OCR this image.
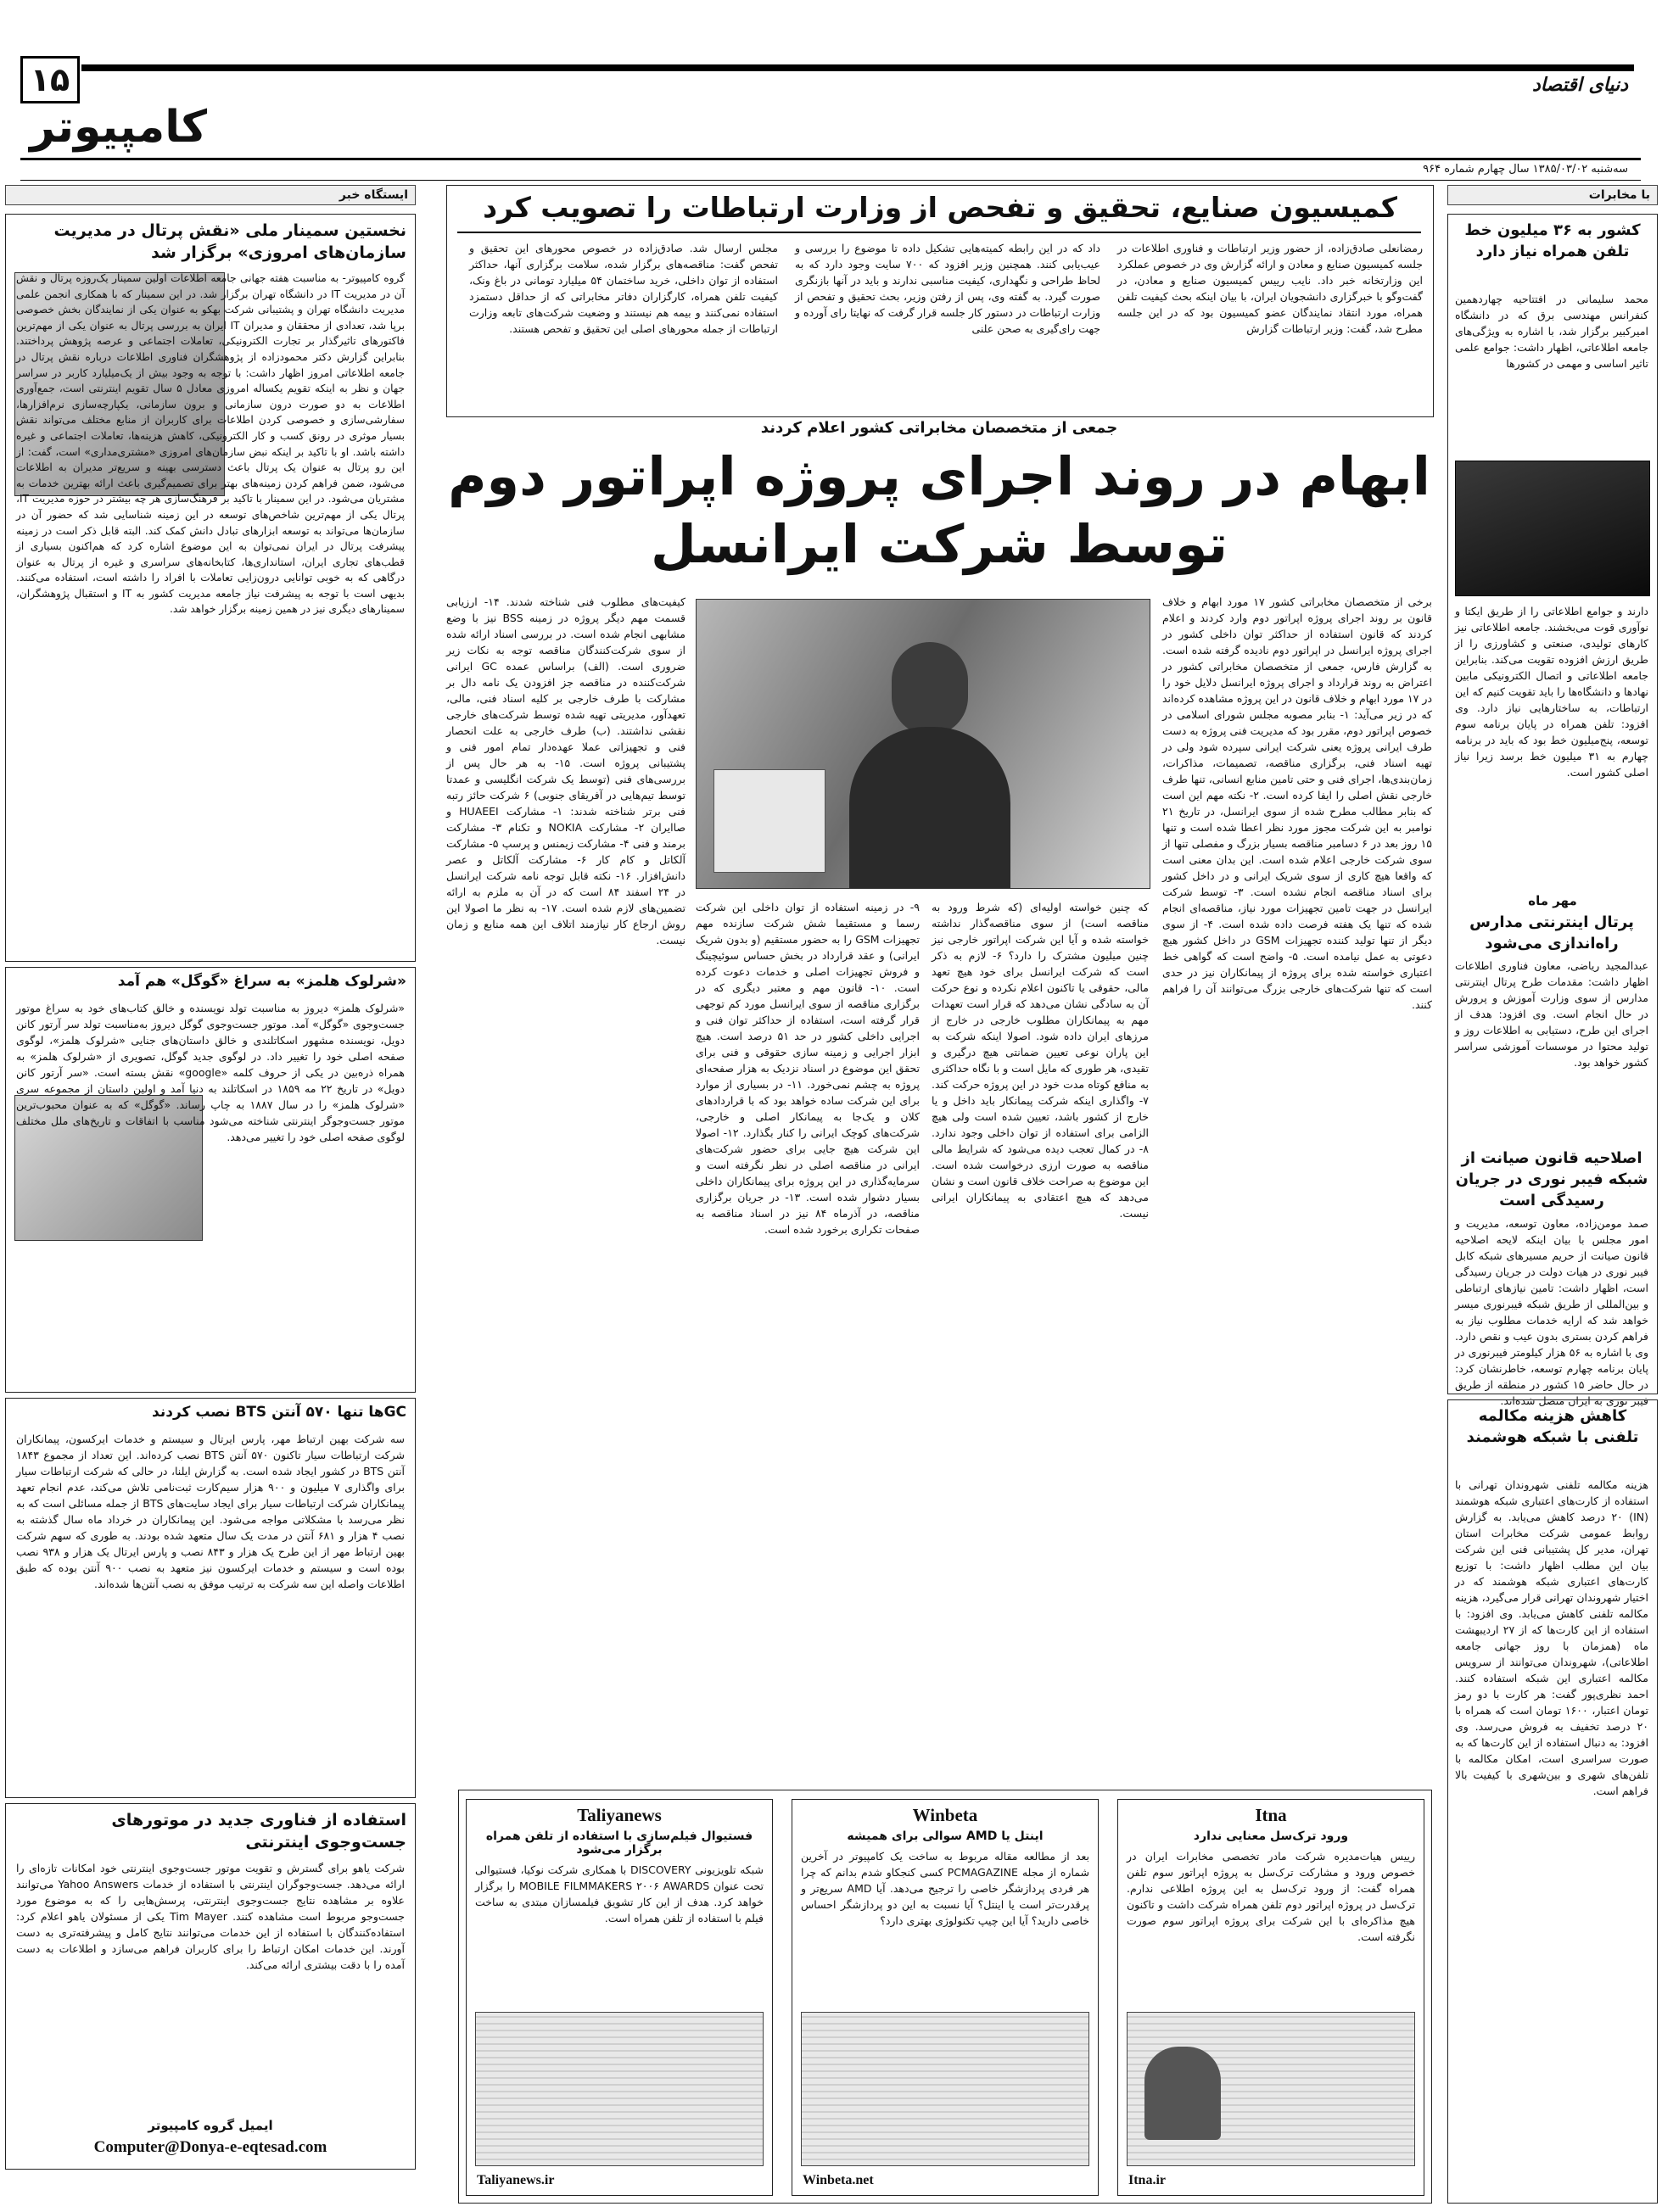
۱۵	دنیای اقتصاد
کامپیوتر
سه‌شنبه ۱۳۸۵/۰۳/۰۲ سال چهارم شماره ۹۶۴
ایستگاه خبر
نخستین سمینار ملی «نقش پرتال در مدیریت سازمان‌های امروزی» برگزار شد
گروه کامپیوتر- به مناسبت هفته جهانی جامعه اطلاعات اولین سمینار یک‌روزه پرتال و نقش آن در مدیریت IT در دانشگاه تهران برگزار شد. در این سمینار که با همکاری انجمن علمی مدیریت دانشگاه تهران و پشتیبانی شرکت بهکو به عنوان یکی از نمایندگان بخش خصوصی برپا شد، تعدادی از محققان و مدیران IT ایران به بررسی پرتال به عنوان یکی از مهم‌ترین فاکتورهای تاثیرگذار بر تجارت الکترونیکی، تعاملات اجتماعی و عرصه پژوهش پرداختند. بنابراین گزارش دکتر محمودزاده از پژوهشگران فناوری اطلاعات درباره نقش پرتال در جامعه اطلاعاتی امروز اظهار داشت: با توجه به وجود بیش از یک‌میلیارد کاربر در سراسر جهان و نظر به اینکه تقویم یکساله امروزی معادل ۵ سال تقویم اینترنتی است، جمع‌آوری اطلاعات به دو صورت درون سازمانی و برون سازمانی، یکپارچه‌سازی نرم‌افزارها، سفارشی‌سازی و خصوصی کردن اطلاعات برای کاربران از منابع مختلف می‌تواند نقش بسیار موثری در رونق کسب و کار الکترونیکی، کاهش هزینه‌ها، تعاملات اجتماعی و غیره داشته باشد. او با تاکید بر اینکه نبض سازمان‌های امروزی «مشتری‌مداری» است، گفت: از این رو پرتال به عنوان یک پرتال باعث دسترسی بهینه و سریع‌تر مدیران به اطلاعات می‌شود، ضمن فراهم کردن زمینه‌های بهتر برای تصمیم‌گیری باعث ارائه بهترین خدمات به مشتریان می‌شود. در این سمینار با تاکید بر فرهنگ‌سازی هر چه بیشتر در حوزه مدیریت IT، پرتال یکی از مهم‌ترین شاخص‌های توسعه در این زمینه شناسایی شد که حضور آن در سازمان‌ها می‌تواند به توسعه ابزارهای تبادل دانش کمک کند. البته قابل ذکر است در زمینه پیشرفت پرتال در ایران نمی‌توان به این موضوع اشاره کرد که هم‌اکنون بسیاری از قطب‌های تجاری ایران، استانداری‌ها، کتابخانه‌های سراسری و غیره از پرتال به عنوان درگاهی که به خوبی توانایی درون‌زایی تعاملات با افراد را داشته است، استفاده می‌کنند. بدیهی است با توجه به پیشرفت نیاز جامعه مدیریت کشور به IT و استقبال پژوهشگران، سمینارهای دیگری نیز در همین زمینه برگزار خواهد شد.
«شرلوک هلمز» به سراغ «گوگل» هم آمد
«شرلوک هلمز» دیروز به مناسبت تولد نویسنده و خالق کتاب‌های خود به سراغ موتور جست‌وجوی «گوگل» آمد. موتور جست‌وجوی گوگل دیروز به‌مناسبت تولد سر آرتور کانن دویل، نویسنده مشهور اسکاتلندی و خالق داستان‌های جنایی «شرلوک هلمز»، لوگوی صفحه اصلی خود را تغییر داد. در لوگوی جدید گوگل، تصویری از «شرلوک هلمز» به همراه ذره‌بین در یکی از حروف کلمه «google» نقش بسته است. «سر آرتور کانن دویل» در تاریخ ۲۲ مه ۱۸۵۹ در اسکاتلند به دنیا آمد و اولین داستان از مجموعه سری «شرلوک هلمز» را در سال ۱۸۸۷ به چاپ رساند. «گوگل» که به عنوان محبوب‌ترین موتور جست‌وجوگر اینترنتی شناخته می‌شود مناسب با اتفاقات و تاریخ‌های ملل مختلف لوگوی صفحه اصلی خود را تغییر می‌دهد.
GCها تنها ۵۷۰ آنتن BTS نصب کردند
سه شرکت بهین ارتباط مهر، پارس ایرتال و سیستم و خدمات ایرکسون، پیمانکاران شرکت ارتباطات سیار تاکنون ۵۷۰ آنتن BTS نصب کرده‌اند. این تعداد از مجموع ۱۸۴۳ آنتن BTS در کشور ایجاد شده است. به گزارش ایلنا، در حالی که شرکت ارتباطات سیار برای واگذاری ۷ میلیون و ۹۰۰ هزار سیم‌کارت ثبت‌نامی تلاش می‌کند، عدم انجام تعهد پیمانکاران شرکت ارتباطات سیار برای ایجاد سایت‌های BTS از جمله مسائلی است که به نظر می‌رسد با مشکلاتی مواجه می‌شود. این پیمانکاران در خرداد ماه سال گذشته به نصب ۴ هزار و ۶۸۱ آنتن در مدت یک سال متعهد شده بودند. به طوری که سهم شرکت بهین ارتباط مهر از این طرح یک هزار و ۸۴۳ نصب و پارس ایرتال یک هزار و ۹۳۸ نصب بوده است و سیستم و خدمات ایرکسون نیز متعهد به نصب ۹۰۰ آنتن بوده که طبق اطلاعات واصله این سه شرکت به ترتیب موفق به نصب آنتن‌ها شده‌اند.
استفاده از فناوری جدید در موتورهای جست‌وجوی اینترنتی
شرکت یاهو برای گسترش و تقویت موتور جست‌وجوی اینترنتی خود امکانات تازه‌ای را ارائه می‌دهد. جست‌وجوگران اینترنتی با استفاده از خدمات Yahoo Answers می‌توانند علاوه بر مشاهده نتایج جست‌وجوی اینترنتی، پرسش‌هایی را که به موضوع مورد جست‌وجو مربوط است مشاهده کنند. Tim Mayer یکی از مسئولان یاهو اعلام کرد: استفاده‌کنندگان با استفاده از این خدمات می‌توانند نتایج کامل و پیشرفته‌تری به دست آورند. این خدمات امکان ارتباط را برای کاربران فراهم می‌سازد و اطلاعات به دست آمده را با دقت بیشتری ارائه می‌کند.
ایمیل گروه کامپیوتر
Computer@Donya-e-eqtesad.com
با مخابرات
کشور به ۳۶ میلیون خط تلفن همراه نیاز دارد
محمد سلیمانی در افتتاحیه چهاردهمین کنفرانس مهندسی برق که در دانشگاه امیرکبیر برگزار شد، با اشاره به ویژگی‌های جامعه اطلاعاتی، اظهار داشت: جوامع علمی تاثیر اساسی و مهمی در کشورها
دارند و جوامع اطلاعاتی را از طریق ایکتا و نوآوری قوت می‌بخشند. جامعه اطلاعاتی نیز کارهای تولیدی، صنعتی و کشاورزی را از طریق ارزش افزوده تقویت می‌کند. بنابراین جامعه اطلاعاتی و اتصال الکترونیکی مابین نهادها و دانشگاه‌ها را باید تقویت کنیم که این ارتباطات، به ساختارهایی نیاز دارد. وی افزود: تلفن همراه در پایان برنامه سوم توسعه، پنج‌میلیون خط بود که باید در برنامه چهارم به ۳۱ میلیون خط برسد زیرا نیاز اصلی کشور است.
مهر ماه
پرتال اینترنتی مدارس راه‌اندازی می‌شود
عبدالمجید ریاضی، معاون فناوری اطلاعات اظهار داشت: مقدمات طرح پرتال اینترنتی مدارس از سوی وزارت آموزش و پرورش در حال انجام است. وی افزود: هدف از اجرای این طرح، دستیابی به اطلاعات روز و تولید محتوا در موسسات آموزشی سراسر کشور خواهد بود.
اصلاحیه قانون صیانت از شبکه فیبر نوری در جریان رسیدگی است
صمد مومن‌زاده، معاون توسعه، مدیریت و امور مجلس با بیان اینکه لایحه اصلاحیه قانون صیانت از حریم مسیرهای شبکه کابل فیبر نوری در هیات دولت در جریان رسیدگی است، اظهار داشت: تامین نیازهای ارتباطی و بین‌المللی از طریق شبکه فیبرنوری میسر خواهد شد که ارایه خدمات مطلوب نیاز به فراهم کردن بستری بدون عیب و نقص دارد. وی با اشاره به ۵۶ هزار کیلومتر فیبرنوری در پایان برنامه چهارم توسعه، خاطرنشان کرد: در حال حاضر ۱۵ کشور در منطقه از طریق فیبر نوری به ایران متصل شده‌اند.
کاهش هزینه مکالمه تلفنی با شبکه هوشمند
هزینه مکالمه تلفنی شهروندان تهرانی با استفاده از کارت‌های اعتباری شبکه هوشمند (IN) ۲۰ درصد کاهش می‌یابد. به گزارش روابط عمومی شرکت مخابرات استان تهران، مدیر کل پشتیبانی فنی این شرکت بیان این مطلب اظهار داشت: با توزیع کارت‌های اعتباری شبکه هوشمند که در اختیار شهروندان تهرانی قرار می‌گیرد، هزینه مکالمه تلفنی کاهش می‌یابد. وی افزود: با استفاده از این کارت‌ها که از ۲۷ اردیبهشت ماه (همزمان با روز جهانی جامعه اطلاعاتی)، شهروندان می‌توانند از سرویس مکالمه اعتباری این شبکه استفاده کنند. احمد نظری‌پور گفت: هر کارت با دو رمز تومان اعتبار، ۱۶۰۰ تومان است که همراه با ۲۰ درصد تخفیف به فروش می‌رسد. وی افزود: به دنبال استفاده از این کارت‌ها که به صورت سراسری است، امکان مکالمه با تلفن‌های شهری و بین‌شهری با کیفیت بالا فراهم است.
کمیسیون صنایع، تحقیق و تفحص از وزارت ارتباطات را تصویب کرد
رمضانعلی صادق‌زاده، از حضور وزیر ارتباطات و فناوری اطلاعات در جلسه کمیسیون صنایع و معادن و ارائه گزارش وی در خصوص عملکرد این وزارتخانه خبر داد. نایب رییس کمیسیون صنایع و معادن، در گفت‌وگو با خبرگزاری دانشجویان ایران، با بیان اینکه بحث کیفیت تلفن همراه، مورد انتقاد نمایندگان عضو کمیسیون بود که در این جلسه مطرح شد، گفت: وزیر ارتباطات گزارش
داد که در این رابطه کمیته‌هایی تشکیل داده تا موضوع را بررسی و عیب‌یابی کنند. همچنین وزیر افزود که ۷۰۰ سایت وجود دارد که به لحاظ طراحی و نگهداری، کیفیت مناسبی ندارند و باید در آنها بازنگری صورت گیرد. به گفته وی، پس از رفتن وزیر، بحث تحقیق و تفحص از وزارت ارتباطات در دستور کار جلسه قرار گرفت که نهایتا رای آورده و جهت رای‌گیری به صحن علنی
مجلس ارسال شد. صادق‌زاده در خصوص محورهای این تحقیق و تفحص گفت: مناقصه‌های برگزار شده، سلامت برگزاری آنها، حداکثر استفاده از توان داخلی، خرید ساختمان ۵۴ میلیارد تومانی در باغ ونک، کیفیت تلفن همراه، کارگزاران دفاتر مخابراتی که از حداقل دستمزد استفاده نمی‌کنند و بیمه هم نیستند و وضعیت شرکت‌های تابعه وزارت ارتباطات از جمله محورهای اصلی این تحقیق و تفحص هستند.
جمعی از متخصصان مخابراتی کشور اعلام کردند
ابهام در روند اجرای پروژه اپراتور دوم
توسط شرکت ایرانسل
برخی از متخصصان مخابراتی کشور ۱۷ مورد ابهام و خلاف قانون بر روند اجرای پروژه اپراتور دوم وارد کردند و اعلام کردند که قانون استفاده از حداکثر توان داخلی کشور در اجرای پروژه ایرانسل در اپراتور دوم نادیده گرفته شده است. به گزارش فارس، جمعی از متخصصان مخابراتی کشور در اعتراض به روند قرارداد و اجرای پروژه ایرانسل دلایل خود را در ۱۷ مورد ابهام و خلاف قانون در این پروژه مشاهده کرده‌اند که در زیر می‌آید: ۱- بنابر مصوبه مجلس شورای اسلامی در خصوص اپراتور دوم، مقرر بود که مدیریت فنی پروژه به دست طرف ایرانی پروژه یعنی شرکت ایرانی سپرده شود ولی در تهیه اسناد فنی، برگزاری مناقصه، تصمیمات، مذاکرات، زمان‌بندی‌ها، اجرای فنی و حتی تامین منابع انسانی، تنها طرف خارجی نقش اصلی را ایفا کرده است. ۲- نکته مهم این است که بنابر مطالب مطرح شده از سوی ایرانسل، در تاریخ ۲۱ نوامبر به این شرکت مجوز مورد نظر اعطا شده است و تنها ۱۵ روز بعد در ۶ دسامبر مناقصه بسیار بزرگ و مفصلی تنها از سوی شرکت خارجی اعلام شده است. این بدان معنی است که واقعا هیچ کاری از سوی شریک ایرانی و در داخل کشور برای اسناد مناقصه انجام نشده است. ۳- توسط شرکت ایرانسل در جهت تامین تجهیزات مورد نیاز، مناقصه‌ای انجام شده که تنها یک هفته فرصت داده شده است. ۴- از سوی دیگر از تنها تولید کننده تجهیزات GSM در داخل کشور هیچ دعوتی به عمل نیامده است. ۵- واضح است که گواهی خط اعتباری خواسته شده برای پروژه از پیمانکاران نیز در حدی است که تنها شرکت‌های خارجی بزرگ می‌توانند آن را فراهم کنند.
که چنین خواسته اولیه‌ای (که شرط ورود به مناقصه است) از سوی مناقصه‌گذار نداشته خواسته شده و آیا این شرکت اپراتور خارجی نیز چنین میلیون مشترک را دارد؟ ۶- لازم به ذکر است که شرکت ایرانسل برای خود هیچ تعهد مالی، حقوقی یا تاکنون اعلام نکرده و نوع حرکت آن به سادگی نشان می‌دهد که قرار است تعهدات مهم به پیمانکاران مطلوب خارجی در خارج از مرزهای ایران داده شود. اصولا اینکه شرکت به این پاران نوعی تعیین ضمانتی هیچ درگیری و تقیدی، هر طوری که مایل است و با نگاه حداکثری به منافع کوتاه مدت خود در این پروژه حرکت کند. ۷- واگذاری اینکه شرکت پیمانکار باید داخل و یا خارج از کشور باشد، تعیین شده است ولی هیچ الزامی برای استفاده از توان داخلی وجود ندارد. ۸- در کمال تعجب دیده می‌شود که شرایط مالی مناقصه به صورت ارزی درخواست شده است. این موضوع به صراحت خلاف قانون است و نشان می‌دهد که هیچ اعتقادی به پیمانکاران ایرانی نیست.
۹- در زمینه استفاده از توان داخلی این شرکت رسما و مستقیما شش شرکت سازنده مهم تجهیزات GSM را به حضور مستقیم (و بدون شریک ایرانی) و عقد قرارداد در بخش حساس سوئیچینگ و فروش تجهیزات اصلی و خدمات دعوت کرده است. ۱۰- قانون مهم و معتبر دیگری که در برگزاری مناقصه از سوی ایرانسل مورد کم توجهی قرار گرفته است، استفاده از حداکثر توان فنی و اجرایی داخلی کشور در حد ۵۱ درصد است. هیچ ابزار اجرایی و زمینه سازی حقوقی و فنی برای تحقق این موضوع در اسناد نزدیک به هزار صفحه‌ای پروژه به چشم نمی‌خورد. ۱۱- در بسیاری از موارد برای این شرکت ساده خواهد بود که با قراردادهای کلان و یک‌جا به پیمانکار اصلی و خارجی، شرکت‌های کوچک ایرانی را کنار بگذارد. ۱۲- اصولا این شرکت هیچ جایی برای حضور شرکت‌های ایرانی در مناقصه اصلی در نظر نگرفته است و سرمایه‌گذاری در این پروژه برای پیمانکاران داخلی بسیار دشوار شده است. ۱۳- در جریان برگزاری مناقصه، در آذرماه ۸۴ نیز در اسناد مناقصه به صفحات تکراری برخورد شده است.
کیفیت‌های مطلوب فنی شناخته شدند. ۱۴- ارزیابی قسمت مهم دیگر پروژه در زمینه BSS نیز با وضع مشابهی انجام شده است. در بررسی اسناد ارائه شده از سوی شرکت‌کنندگان مناقصه توجه به نکات زیر ضروری است. (الف) براساس عمده GC ایرانی شرکت‌کننده در مناقصه جز افزودن یک نامه دال بر مشارکت با طرف خارجی بر کلیه اسناد فنی، مالی، تعهدآور، مدیریتی تهیه شده توسط شرکت‌های خارجی نقشی نداشتند. (ب) طرف خارجی به علت انحصار فنی و تجهیزاتی عملا عهده‌دار تمام امور فنی و پشتیبانی پروژه است. ۱۵- به هر حال پس از بررسی‌های فنی (توسط یک شرکت انگلیسی و عمدتا توسط تیم‌هایی در آفریقای جنوبی) ۶ شرکت حائز رتبه فنی برتر شناخته شدند: ۱- مشارکت HUAEEI و صاایران ۲- مشارکت NOKIA و تکنام ۳- مشارکت برمند و فنی ۴- مشارکت زیمنس و پرسپ ۵- مشارکت آلکاتل و کام کار ۶- مشارکت آلکاتل و عصر دانش‌افزار. ۱۶- نکته قابل توجه نامه شرکت ایرانسل در ۲۴ اسفند ۸۴ است که در آن به ملزم به ارائه تضمین‌های لازم شده است. ۱۷- به نظر ما اصولا این روش ارجاع کار نیازمند اتلاف این همه منابع و زمان نیست.
Taliyanews
فستیوال فیلم‌سازی با استفاده از تلفن همراه برگزار می‌شود
شبکه تلویزیونی DISCOVERY با همکاری شرکت نوکیا، فستیوالی تحت عنوان MOBILE FILMMAKERS ۲۰۰۶ AWARDS را برگزار خواهد کرد. هدف از این کار تشویق فیلمسازان مبتدی به ساخت فیلم با استفاده از تلفن همراه است.
Taliyanews.ir
Winbeta
اینتل یا AMD سوالی برای همیشه
بعد از مطالعه مقاله مربوط به ساخت یک کامپیوتر در آخرین شماره از مجله PCMAGAZINE کسی کنجکاو شدم بدانم که چرا هر فردی پردازشگر خاصی را ترجیح می‌دهد. آیا AMD سریع‌تر و پرقدرت‌تر است یا اینتل؟ آیا نسبت به این دو پردازشگر احساس خاصی دارید؟ آیا این چیپ تکنولوژی بهتری دارد؟
Winbeta.net
Itna
ورود ترک‌سل معنایی ندارد
رییس هیات‌مدیره شرکت مادر تخصصی مخابرات ایران در خصوص ورود و مشارکت ترک‌سل به پروژه اپراتور سوم تلفن همراه گفت: از ورود ترک‌سل به این پروژه اطلاعی ندارم. ترک‌سل در پروژه اپراتور دوم تلفن همراه شرکت داشت و تاکنون هیچ مذاکره‌ای با این شرکت برای پروژه اپراتور سوم صورت نگرفته است.
Itna.ir
